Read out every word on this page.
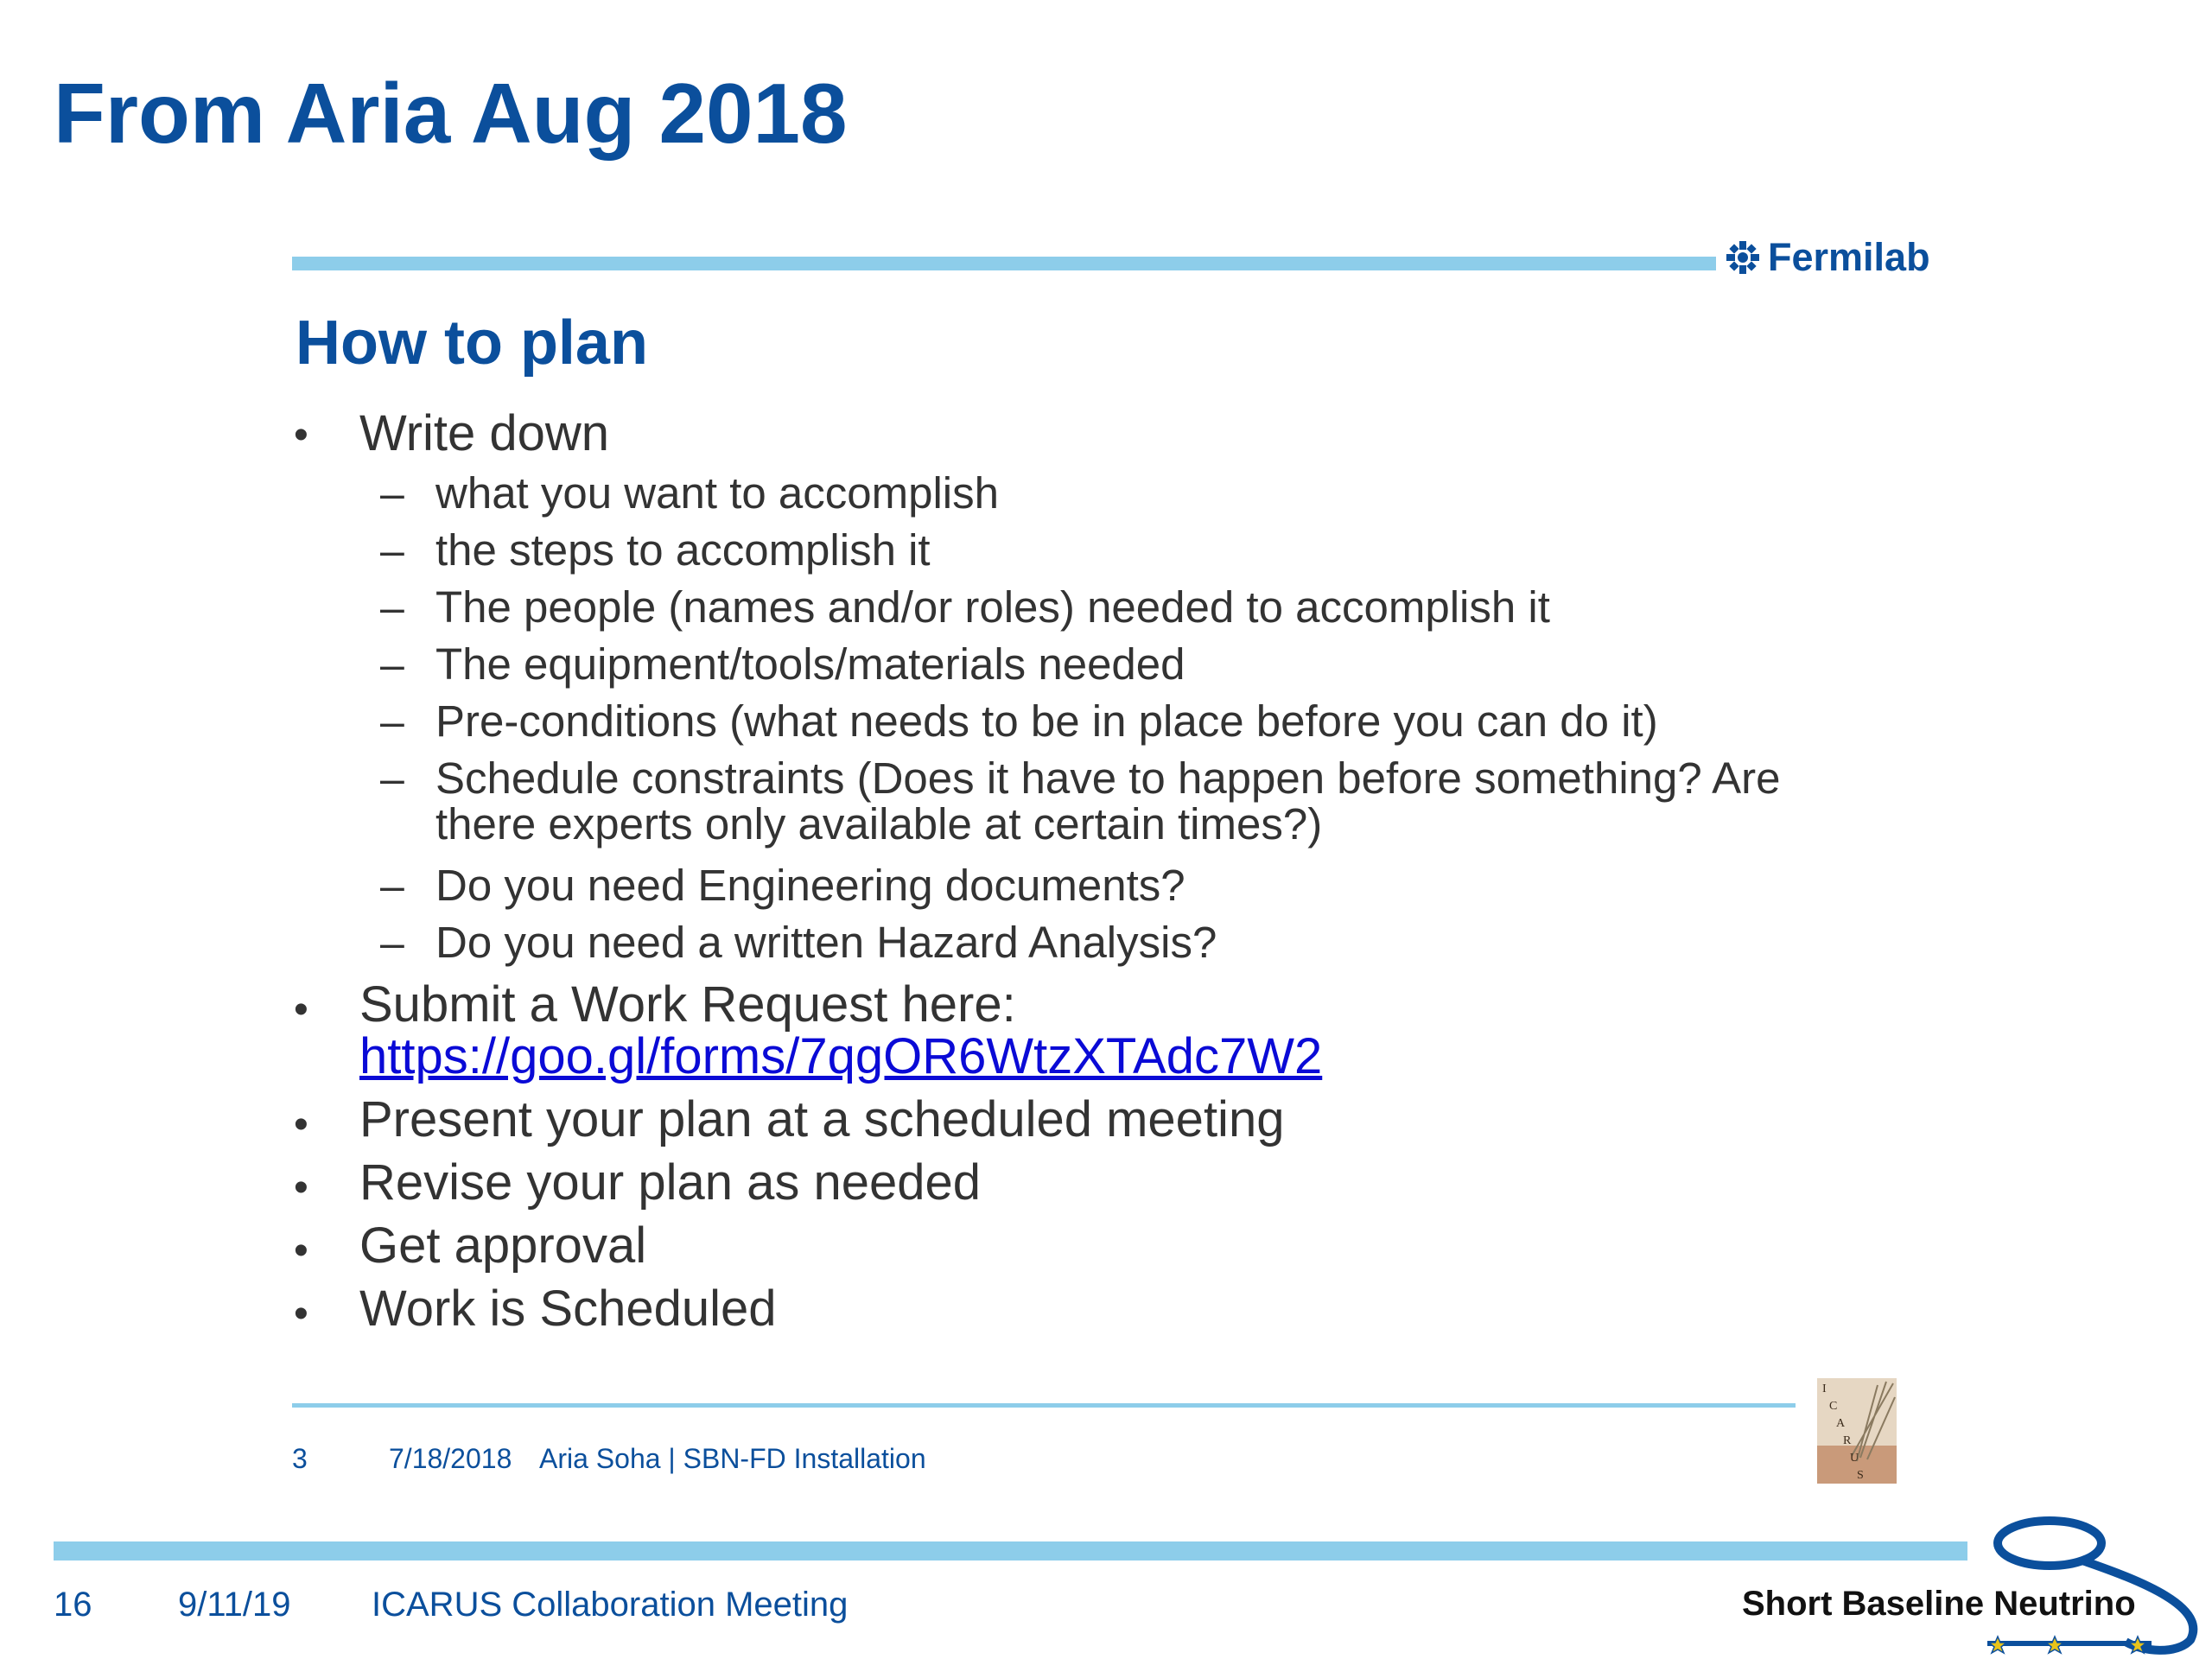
From Aria Aug 2018
Fermilab
How to plan
• Write down
– what you want to accomplish
– the steps to accomplish it
– The people (names and/or roles) needed to accomplish it
– The equipment/tools/materials needed
– Pre-conditions (what needs to be in place before you can do it)
– Schedule constraints (Does it have to happen before something? Are
there experts only available at certain times?)
– Do you need Engineering documents?
– Do you need a written Hazard Analysis?
• Submit a Work Request here:
https://goo.gl/forms/7qgOR6WtzXTAdc7W2
• Present your plan at a scheduled meeting
• Revise your plan as needed
• Get approval
• Work is Scheduled
3	7/18/2018 Aria Soha | SBN-FD Installation
I
C
A
R
U
S
16 9/11/19 ICARUS Collaboration Meeting	Short Baseline Neutrino
